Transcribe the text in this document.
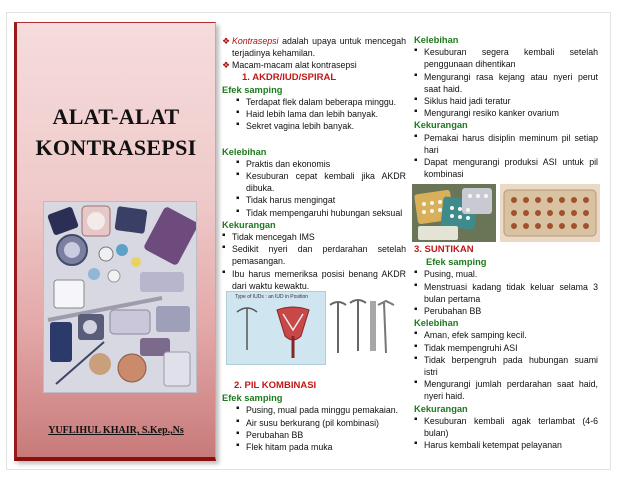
ALAT-ALAT
KONTRASEPSI
YUFLIHUL KHAIR, S.Kep.,Ns
❖ Kontrasepsi adalah upaya untuk mencegah terjadinya kehamilan.
❖ Macam-macam alat kontrasepsi
1. AKDR/IUD/SPIRAL
Efek samping
▪ Terdapat flek dalam beberapa minggu.
▪ Haid lebih lama dan lebih banyak.
▪ Sekret vagina lebih banyak.
Kelebihan
▪ Praktis dan ekonomis
▪ Kesuburan cepat kembali jika AKDR dibuka.
▪ Tidak harus mengingat
▪ Tidak mempengaruhi hubungan seksual
Kekurangan
▪ Tidak mencegah IMS
▪ Sedikit nyeri dan perdarahan setelah pemasangan.
▪ Ibu harus memeriksa posisi benang AKDR dari waktu kewaktu.
Type of IUDs : an IUD in Position
2. PIL KOMBINASI
Efek samping
▪ Pusing, mual pada minggu pemakaian.
▪ Air susu berkurang (pil kombinasi)
▪ Perubahan BB
▪ Flek hitam pada muka
Kelebihan
▪ Kesuburan segera kembali setelah penggunaan dihentikan
▪ Mengurangi rasa kejang atau nyeri perut saat haid.
▪ Siklus haid jadi teratur
▪ Mengurangi resiko kanker ovarium
Kekurangan
▪ Pemakai harus disiplin meminum pil setiap hari
▪ Dapat mengurangi produksi ASI untuk pil kombinasi
3. SUNTIKAN
Efek samping
▪ Pusing, mual.
▪ Menstruasi kadang tidak keluar selama 3 bulan pertama
▪ Perubahan BB
Kelebihan
▪ Aman, efek samping kecil.
▪ Tidak mempengruhi ASI
▪ Tidak berpengruh pada hubungan suami istri
▪ Mengurangi jumlah perdarahan saat haid, nyeri haid.
Kekurangan
▪ Kesuburan kembali agak terlambat (4-6 bulan)
▪ Harus kembali ketempat pelayanan
